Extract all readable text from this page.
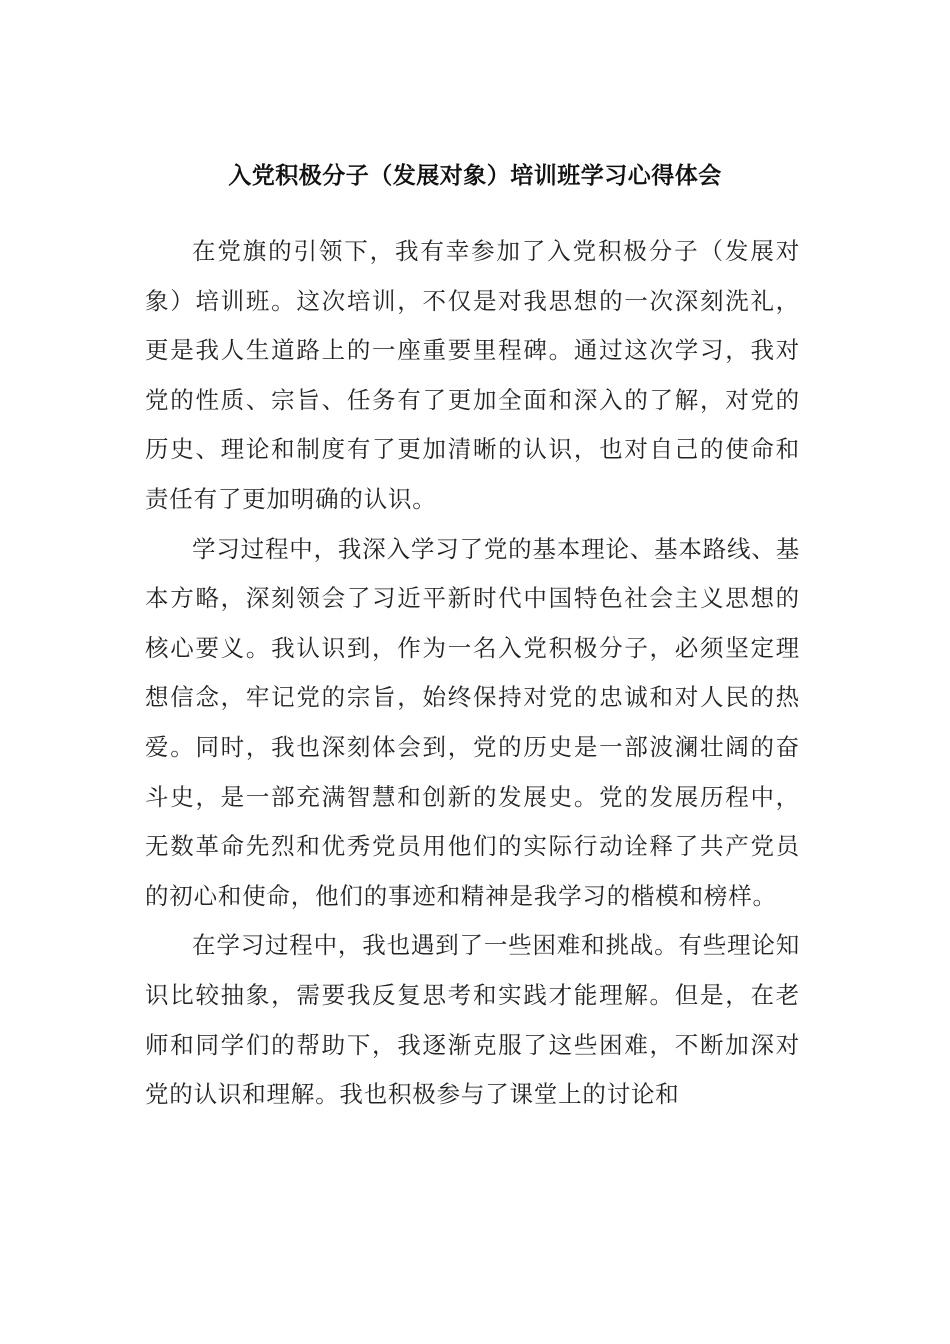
入党积极分子（发展对象）培训班学习心得体会

在党旗的引领下，我有幸参加了入党积极分子（发展对象）培训班。这次培训，不仅是对我思想的一次深刻洗礼，更是我人生道路上的一座重要里程碑。通过这次学习，我对党的性质、宗旨、任务有了更加全面和深入的了解，对党的历史、理论和制度有了更加清晰的认识，也对自己的使命和责任有了更加明确的认识。

学习过程中，我深入学习了党的基本理论、基本路线、基本方略，深刻领会了习近平新时代中国特色社会主义思想的核心要义。我认识到，作为一名入党积极分子，必须坚定理想信念，牢记党的宗旨，始终保持对党的忠诚和对人民的热爱。同时，我也深刻体会到，党的历史是一部波澜壮阔的奋斗史，是一部充满智慧和创新的发展史。党的发展历程中，无数革命先烈和优秀党员用他们的实际行动诠释了共产党员的初心和使命，他们的事迹和精神是我学习的楷模和榜样。

在学习过程中，我也遇到了一些困难和挑战。有些理论知识比较抽象，需要我反复思考和实践才能理解。但是，在老师和同学们的帮助下，我逐渐克服了这些困难，不断加深对党的认识和理解。我也积极参与了课堂上的讨论和
